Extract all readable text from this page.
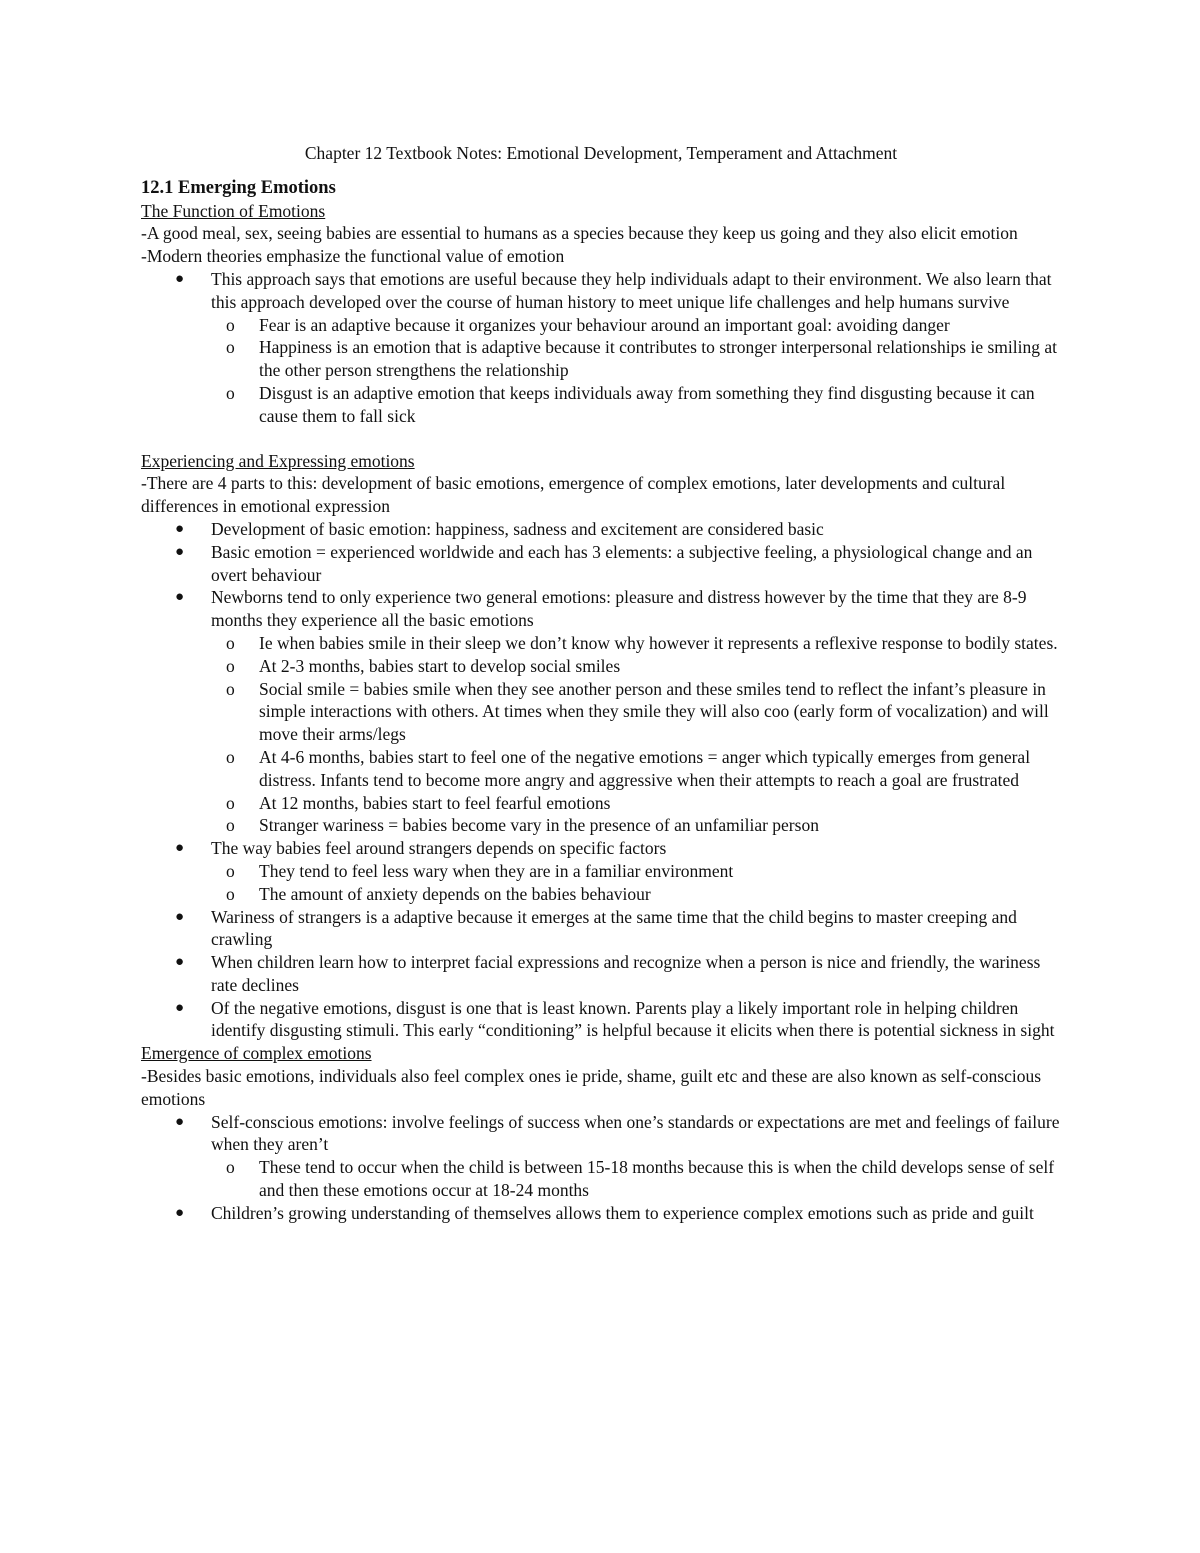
Chapter 12 Textbook Notes: Emotional Development, Temperament and Attachment

12.1 Emerging Emotions

The Function of Emotions

-A good meal, sex, seeing babies are essential to humans as a species because they keep us going and they also elicit emotion

-Modern theories emphasize the functional value of emotion

● This approach says that emotions are useful because they help individuals adapt to their environment. We also learn that this approach developed over the course of human history to meet unique life challenges and help humans survive
o Fear is an adaptive because it organizes your behaviour around an important goal: avoiding danger
o Happiness is an emotion that is adaptive because it contributes to stronger interpersonal relationships ie smiling at the other person strengthens the relationship
o Disgust is an adaptive emotion that keeps individuals away from something they find disgusting because it can cause them to fall sick

Experiencing and Expressing emotions

-There are 4 parts to this: development of basic emotions, emergence of complex emotions, later developments and cultural differences in emotional expression

● Development of basic emotion: happiness, sadness and excitement are considered basic
● Basic emotion = experienced worldwide and each has 3 elements: a subjective feeling, a physiological change and an overt behaviour
● Newborns tend to only experience two general emotions: pleasure and distress however by the time that they are 8-9 months they experience all the basic emotions
o Ie when babies smile in their sleep we don’t know why however it represents a reflexive response to bodily states.
o At 2-3 months, babies start to develop social smiles
o Social smile = babies smile when they see another person and these smiles tend to reflect the infant’s pleasure in simple interactions with others. At times when they smile they will also coo (early form of vocalization) and will move their arms/legs
o At 4-6 months, babies start to feel one of the negative emotions = anger which typically emerges from general distress. Infants tend to become more angry and aggressive when their attempts to reach a goal are frustrated
o At 12 months, babies start to feel fearful emotions
o Stranger wariness = babies become vary in the presence of an unfamiliar person
● The way babies feel around strangers depends on specific factors
o They tend to feel less wary when they are in a familiar environment
o The amount of anxiety depends on the babies behaviour
● Wariness of strangers is a adaptive because it emerges at the same time that the child begins to master creeping and crawling
● When children learn how to interpret facial expressions and recognize when a person is nice and friendly, the wariness rate declines
● Of the negative emotions, disgust is one that is least known. Parents play a likely important role in helping children identify disgusting stimuli. This early “conditioning” is helpful because it elicits when there is potential sickness in sight

Emergence of complex emotions

-Besides basic emotions, individuals also feel complex ones ie pride, shame, guilt etc and these are also known as self-conscious emotions

● Self-conscious emotions: involve feelings of success when one’s standards or expectations are met and feelings of failure when they aren’t
o These tend to occur when the child is between 15-18 months because this is when the child develops sense of self and then these emotions occur at 18-24 months
● Children’s growing understanding of themselves allows them to experience complex emotions such as pride and guilt
